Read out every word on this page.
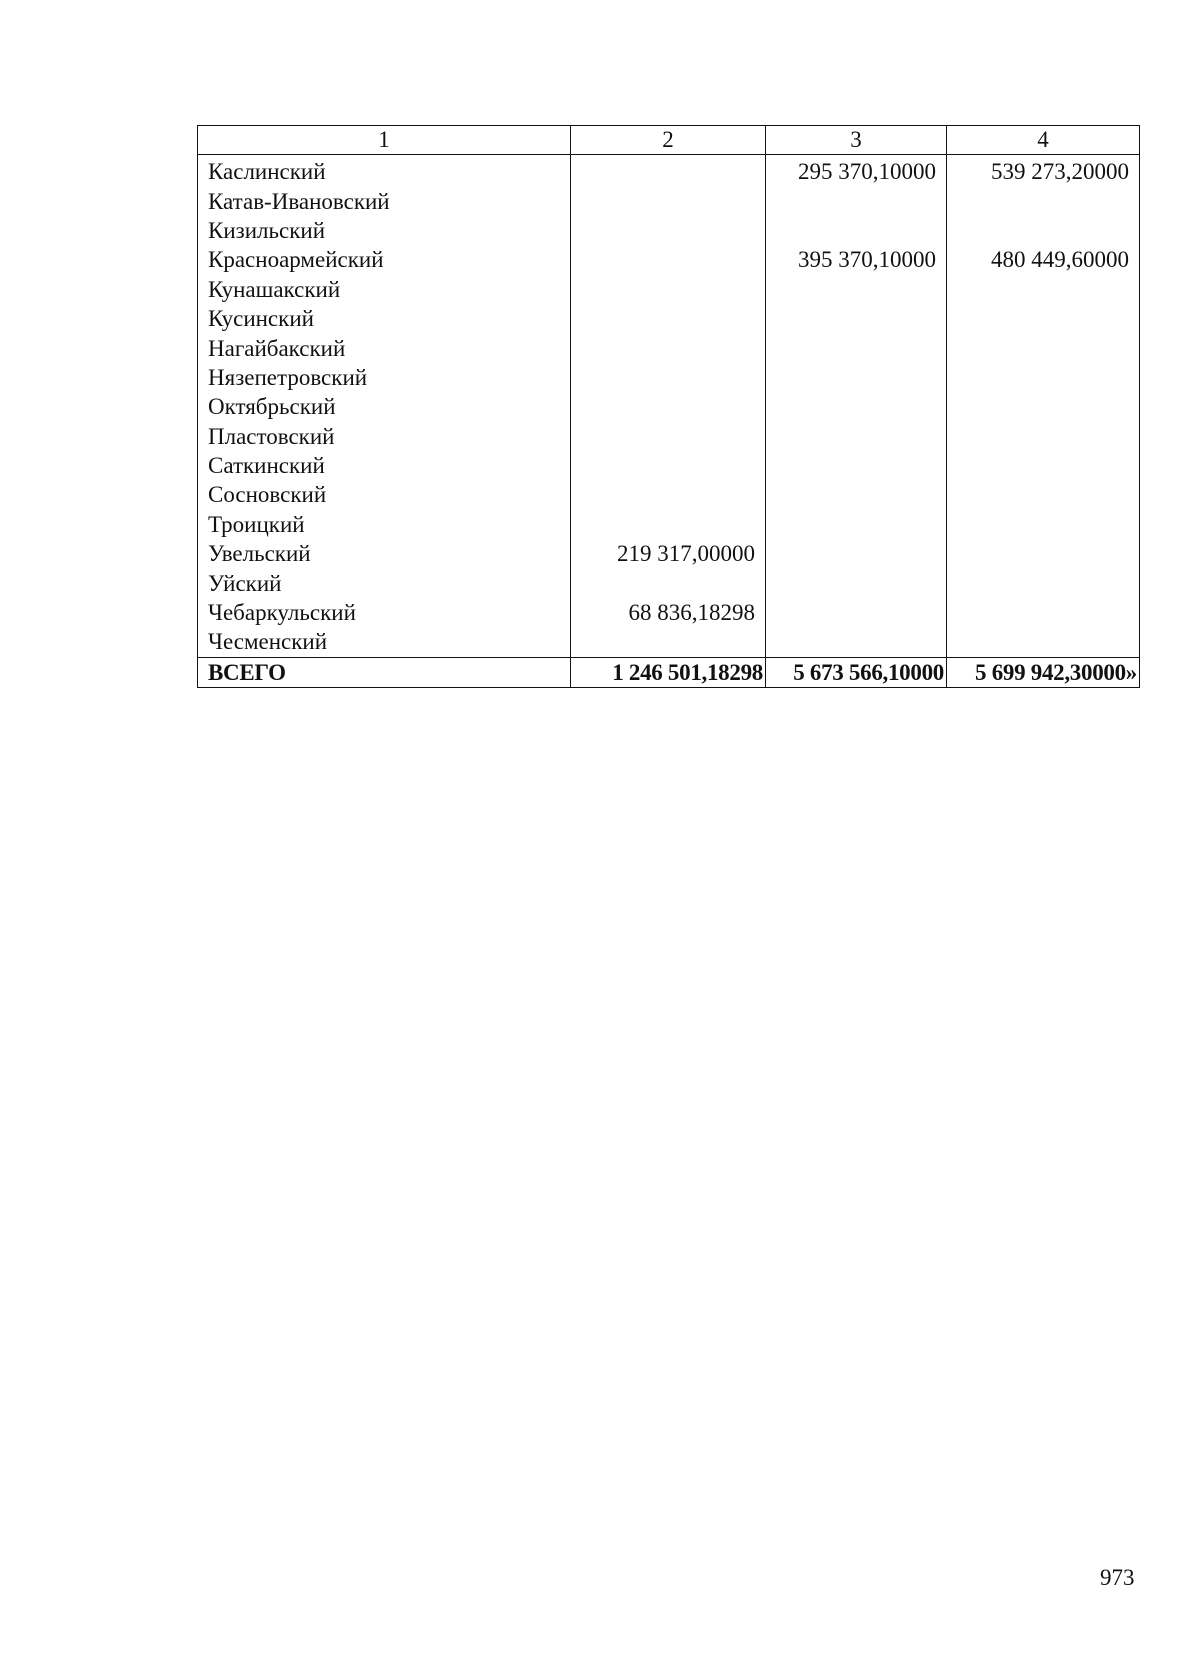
1	2	3	4
Каслинский		295 370,10000	539 273,20000
Катав-Ивановский			
Кизильский			
Красноармейский		395 370,10000	480 449,60000
Кунашакский			
Кусинский			
Нагайбакский			
Нязепетровский			
Октябрьский			
Пластовский			
Саткинский			
Сосновский			
Троицкий			
Увельский	219 317,00000		
Уйский			
Чебаркульский	68 836,18298		
Чесменский			
ВСЕГО	1 246 501,18298	5 673 566,10000	5 699 942,30000»
973
